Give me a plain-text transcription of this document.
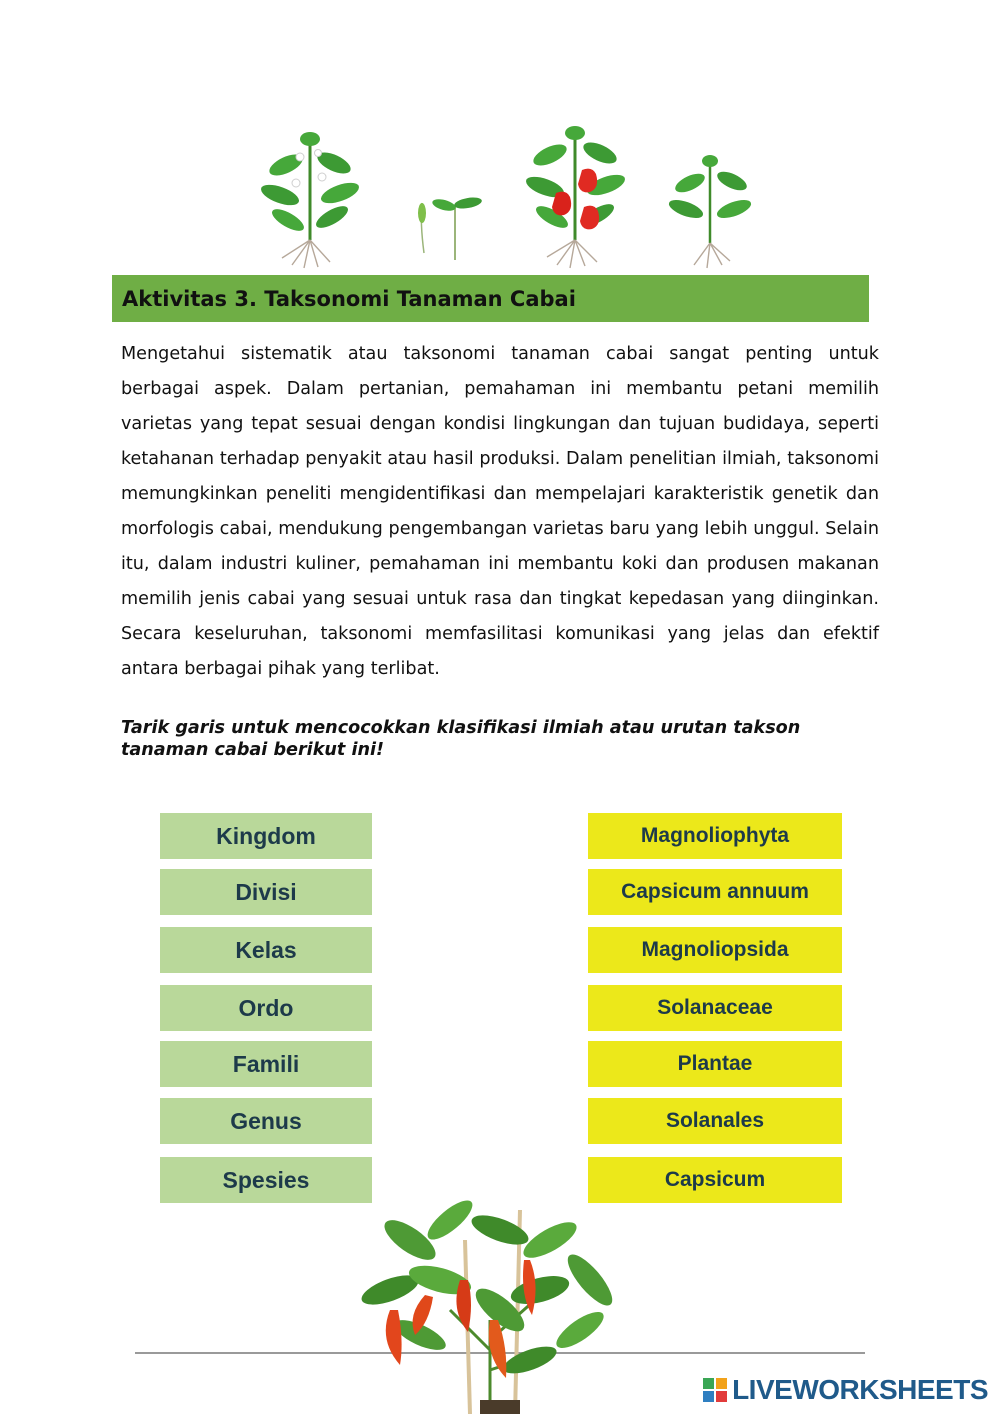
Aktivitas 3. Taksonomi Tanaman Cabai
Mengetahui sistematik atau taksonomi tanaman cabai sangat penting untuk berbagai aspek. Dalam pertanian, pemahaman ini membantu petani memilih varietas yang tepat sesuai dengan kondisi lingkungan dan tujuan budidaya, seperti ketahanan terhadap penyakit atau hasil produksi. Dalam penelitian ilmiah, taksonomi memungkinkan peneliti mengidentifikasi dan mempelajari karakteristik genetik dan morfologis cabai, mendukung pengembangan varietas baru yang lebih unggul. Selain itu, dalam industri kuliner, pemahaman ini membantu koki dan produsen makanan memilih jenis cabai yang sesuai untuk rasa dan tingkat kepedasan yang diinginkan. Secara keseluruhan, taksonomi memfasilitasi komunikasi yang jelas dan efektif antara berbagai pihak yang terlibat.
Tarik garis untuk mencocokkan klasifikasi ilmiah atau urutan takson tanaman cabai berikut ini!
Kingdom
Divisi
Kelas
Ordo
Famili
Genus
Spesies
Magnoliophyta
Capsicum annuum
Magnoliopsida
Solanaceae
Plantae
Solanales
Capsicum
LIVEWORKSHEETS
